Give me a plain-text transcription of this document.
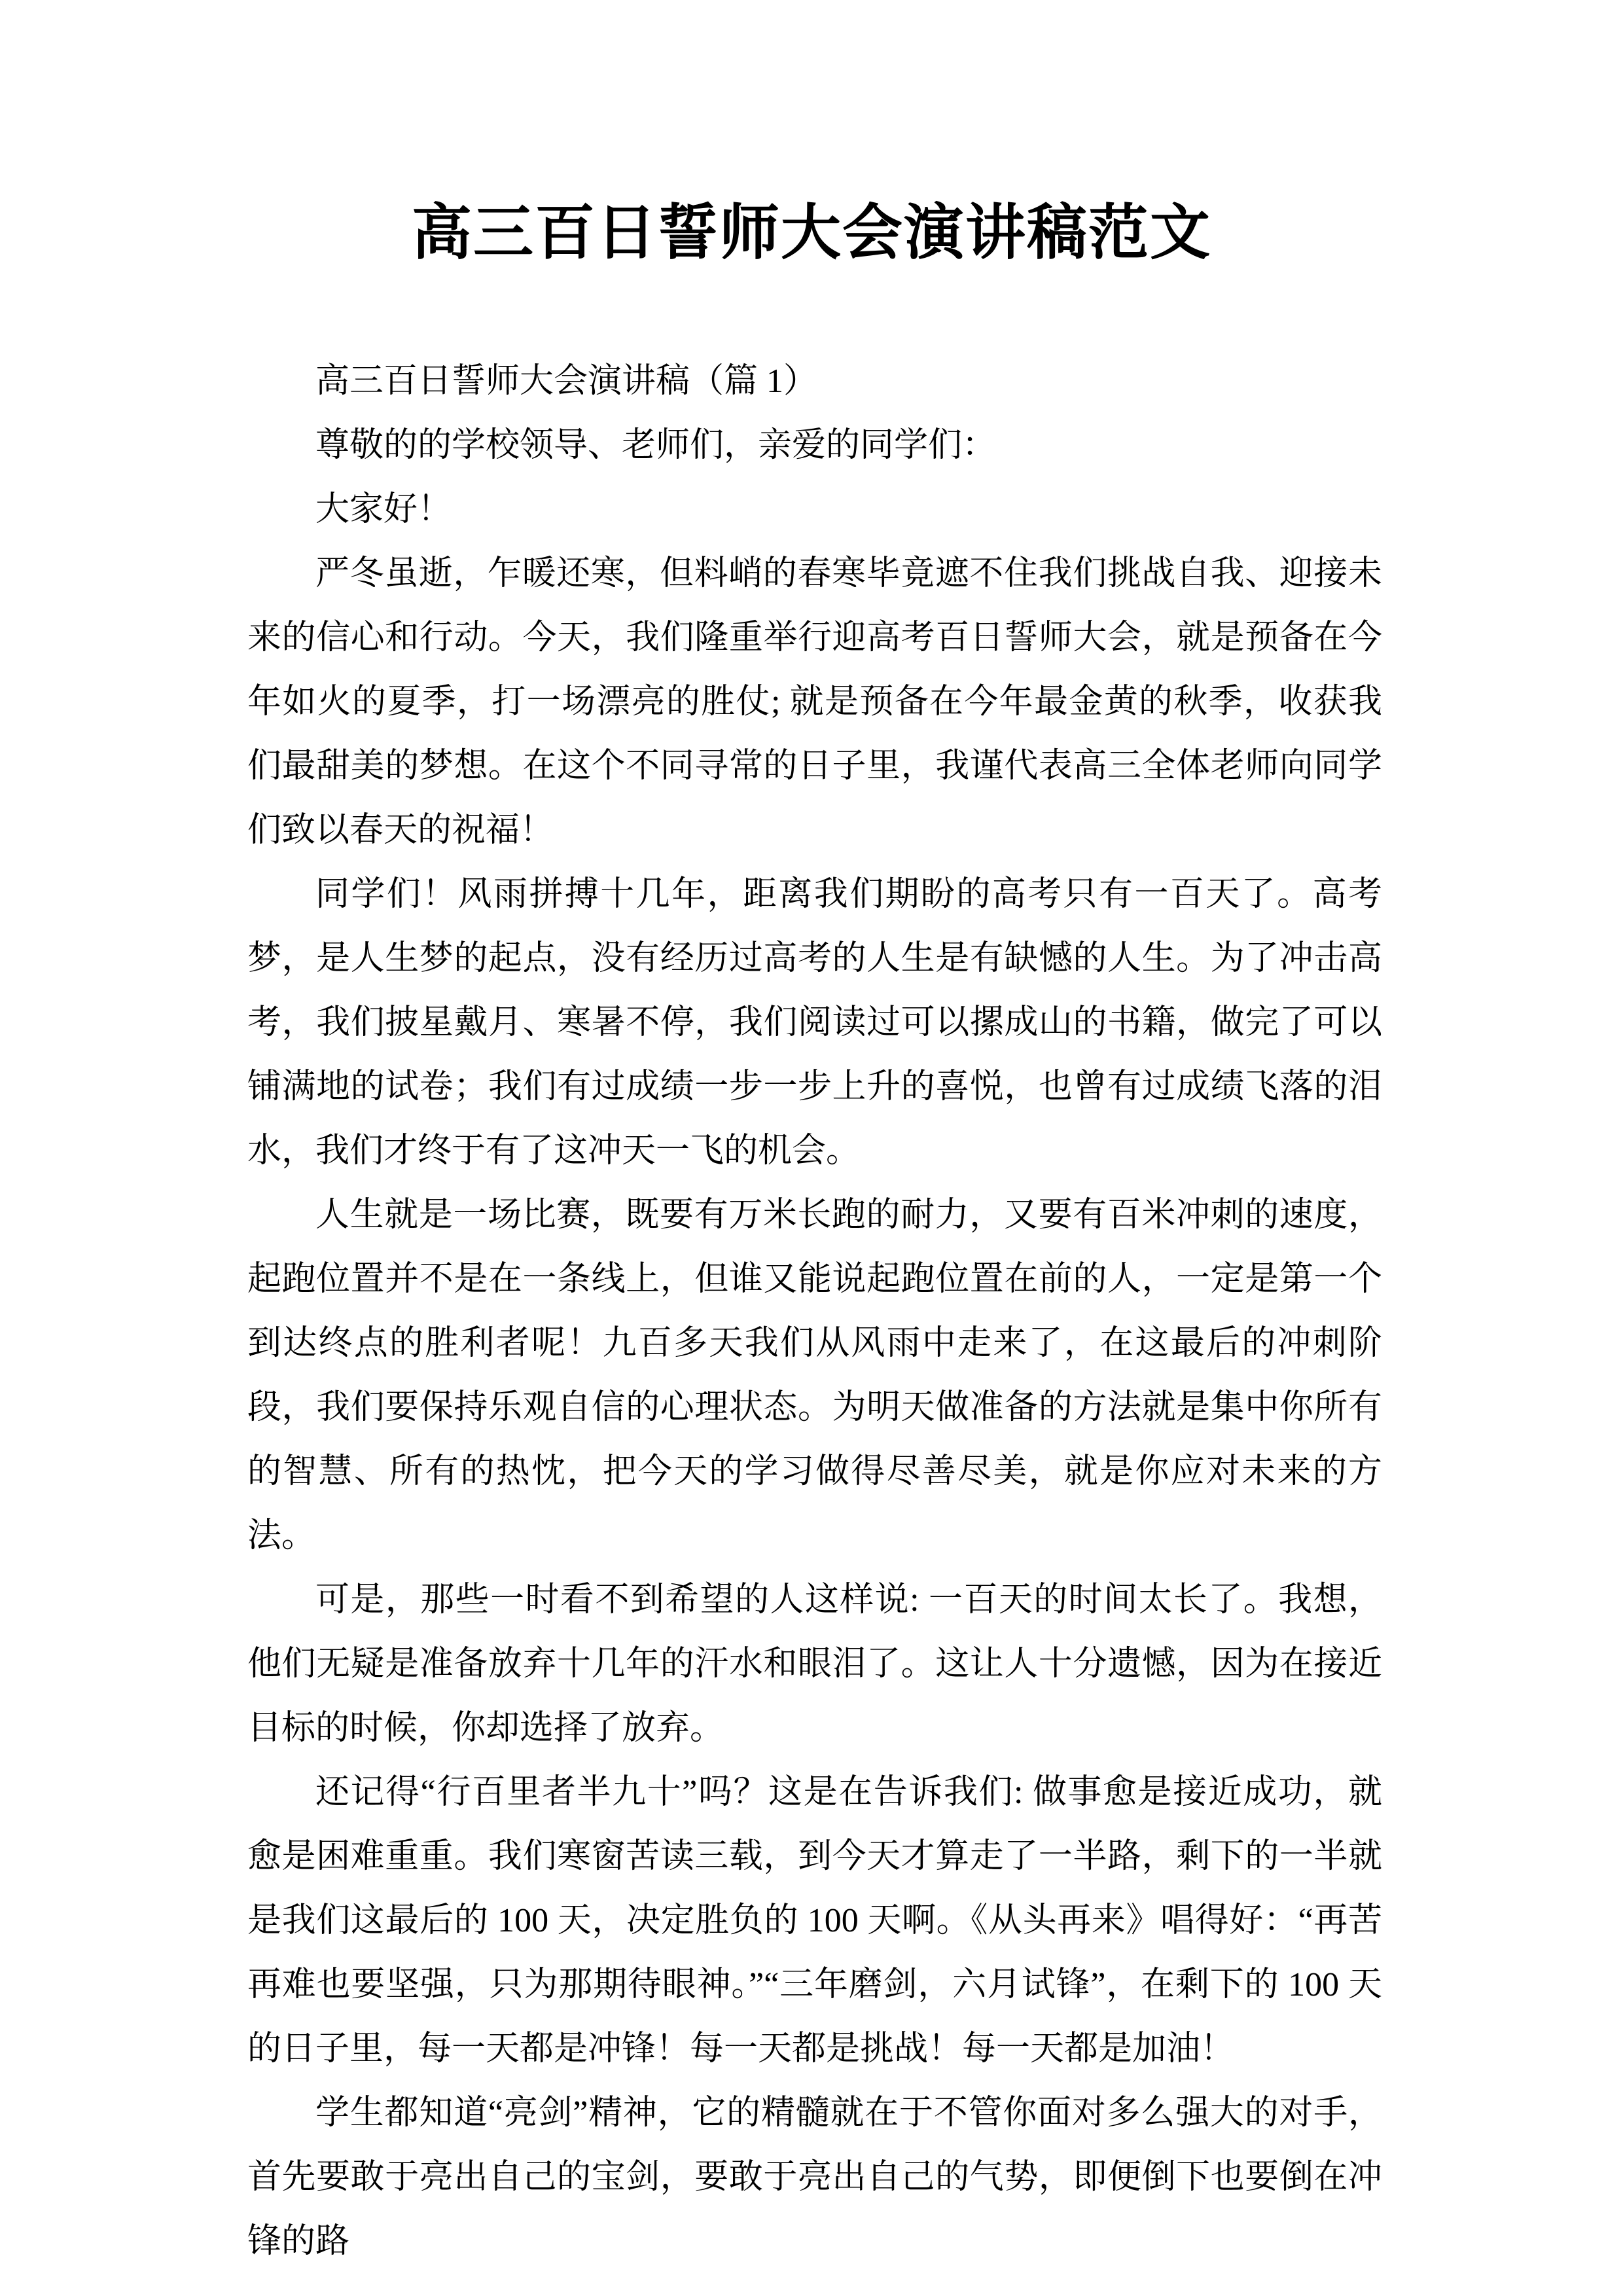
高三百日誓师大会演讲稿范文

高三百日誓师大会演讲稿（篇 1）

尊敬的的学校领导、老师们，亲爱的同学们：

大家好！

严冬虽逝，乍暖还寒，但料峭的春寒毕竟遮不住我们挑战自我、迎接未来的信心和行动。今天，我们隆重举行迎高考百日誓师大会，就是预备在今年如火的夏季，打一场漂亮的胜仗; 就是预备在今年最金黄的秋季，收获我们最甜美的梦想。在这个不同寻常的日子里，我谨代表高三全体老师向同学们致以春天的祝福！

同学们！风雨拼搏十几年，距离我们期盼的高考只有一百天了。高考梦，是人生梦的起点，没有经历过高考的人生是有缺憾的人生。为了冲击高考，我们披星戴月、寒暑不停，我们阅读过可以摞成山的书籍，做完了可以铺满地的试卷；我们有过成绩一步一步上升的喜悦，也曾有过成绩飞落的泪水，我们才终于有了这冲天一飞的机会。

人生就是一场比赛，既要有万米长跑的耐力，又要有百米冲刺的速度，起跑位置并不是在一条线上，但谁又能说起跑位置在前的人，一定是第一个到达终点的胜利者呢！九百多天我们从风雨中走来了，在这最后的冲刺阶段，我们要保持乐观自信的心理状态。为明天做准备的方法就是集中你所有的智慧、所有的热忱，把今天的学习做得尽善尽美，就是你应对未来的方法。

可是，那些一时看不到希望的人这样说: 一百天的时间太长了。我想，他们无疑是准备放弃十几年的汗水和眼泪了。这让人十分遗憾，因为在接近目标的时候，你却选择了放弃。

还记得“行百里者半九十”吗？这是在告诉我们: 做事愈是接近成功，就愈是困难重重。我们寒窗苦读三载，到今天才算走了一半路，剩下的一半就是我们这最后的 100 天，决定胜负的 100 天啊。《从头再来》唱得好：“再苦再难也要坚强，只为那期待眼神。”“三年磨剑，六月试锋”，在剩下的 100 天的日子里，每一天都是冲锋！每一天都是挑战！每一天都是加油！

学生都知道“亮剑”精神，它的精髓就在于不管你面对多么强大的对手，首先要敢于亮出自己的宝剑，要敢于亮出自己的气势，即便倒下也要倒在冲锋的路
